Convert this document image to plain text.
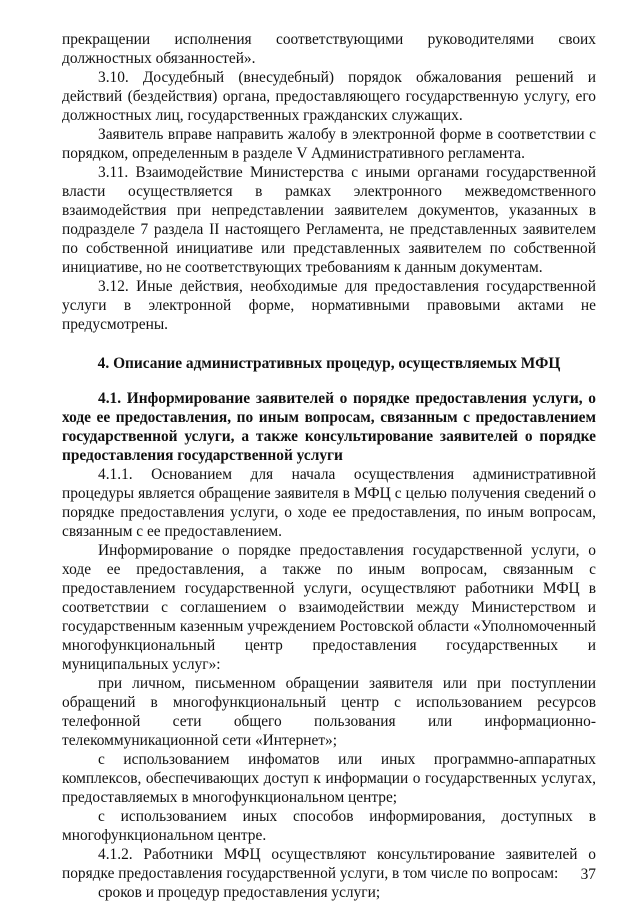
прекращении исполнения соответствующими руководителями своих должностных обязанностей».

3.10. Досудебный (внесудебный) порядок обжалования решений и действий (бездействия) органа, предоставляющего государственную услугу, его должностных лиц, государственных гражданских служащих.

Заявитель вправе направить жалобу в электронной форме в соответствии с порядком, определенным в разделе V Административного регламента.

3.11. Взаимодействие Министерства с иными органами государственной власти осуществляется в рамках электронного межведомственного взаимодействия при непредставлении заявителем документов, указанных в подразделе 7 раздела II настоящего Регламента, не представленных заявителем по собственной инициативе или представленных заявителем по собственной инициативе, но не соответствующих требованиям к данным документам.

3.12. Иные действия, необходимые для предоставления государственной услуги в электронной форме, нормативными правовыми актами не предусмотрены.

4. Описание административных процедур, осуществляемых МФЦ

4.1. Информирование заявителей о порядке предоставления услуги, о ходе ее предоставления, по иным вопросам, связанным с предоставлением государственной услуги, а также консультирование заявителей о порядке предоставления государственной услуги

4.1.1. Основанием для начала осуществления административной процедуры является обращение заявителя в МФЦ с целью получения сведений о порядке предоставления услуги, о ходе ее предоставления, по иным вопросам, связанным с ее предоставлением.

Информирование о порядке предоставления государственной услуги, о ходе ее предоставления, а также по иным вопросам, связанным с предоставлением государственной услуги, осуществляют работники МФЦ в соответствии с соглашением о взаимодействии между Министерством и государственным казенным учреждением Ростовской области «Уполномоченный многофункциональный центр предоставления государственных и муниципальных услуг»:

при личном, письменном обращении заявителя или при поступлении обращений в многофункциональный центр с использованием ресурсов телефонной сети общего пользования или информационно-телекоммуникационной сети «Интернет»;

с использованием инфоматов или иных программно-аппаратных комплексов, обеспечивающих доступ к информации о государственных услугах, предоставляемых в многофункциональном центре;

с использованием иных способов информирования, доступных в многофункциональном центре.

4.1.2. Работники МФЦ осуществляют консультирование заявителей о порядке предоставления государственной услуги, в том числе по вопросам:

сроков и процедур предоставления услуги;

37
